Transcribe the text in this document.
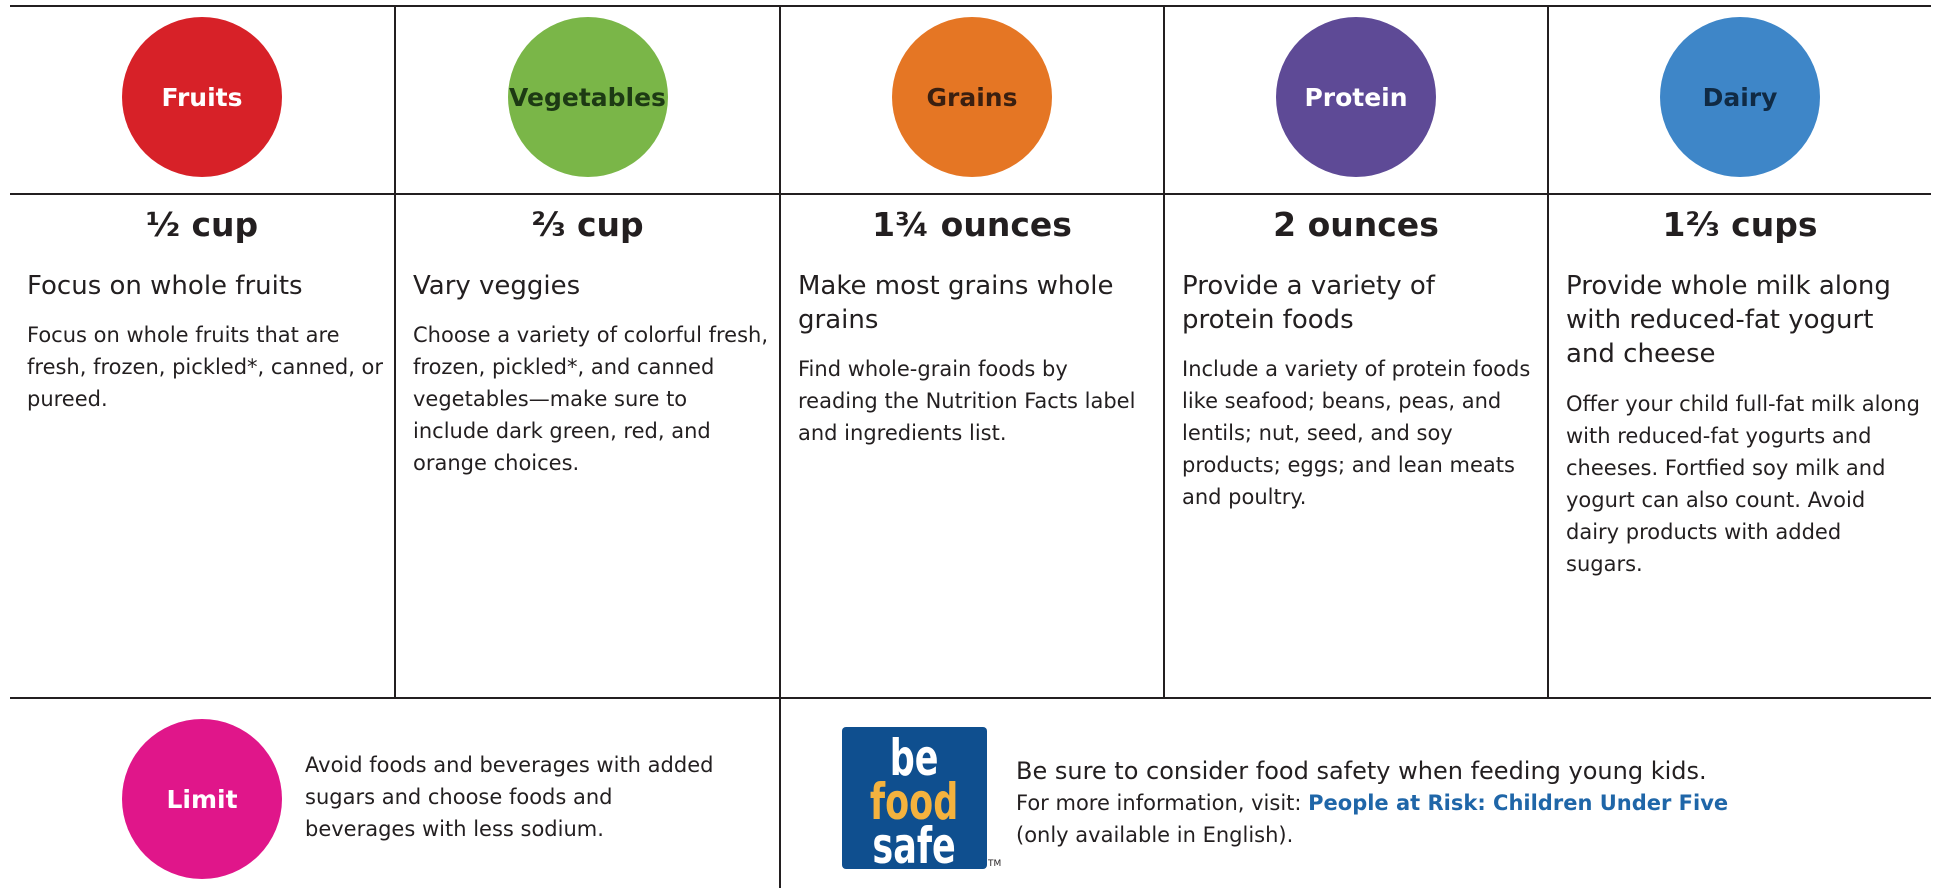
Fruits
½ cup
Focus on whole fruits
Focus on whole fruits that are fresh, frozen, pickled*, canned, or pureed.
Vegetables
⅔ cup
Vary veggies
Choose a variety of colorful fresh, frozen, pickled*, and canned vegetables—make sure to include dark green, red, and orange choices.
Grains
1¾ ounces
Make most grains whole grains
Find whole-grain foods by reading the Nutrition Facts label and ingredients list.
Protein
2 ounces
Provide a variety of protein foods
Include a variety of protein foods like seafood; beans, peas, and lentils; nut, seed, and soy products; eggs; and lean meats and poultry.
Dairy
1⅔ cups
Provide whole milk along with reduced-fat yogurt and cheese
Offer your child full-fat milk along with reduced-fat yogurts and cheeses. Fortfied soy milk and yogurt can also count. Avoid dairy products with added sugars.
Limit
Avoid foods and beverages with added sugars and choose foods and beverages with less sodium.
be
food
safe	TM
Be sure to consider food safety when feeding young kids.
For more information, visit: People at Risk: Children Under Five
(only available in English).
